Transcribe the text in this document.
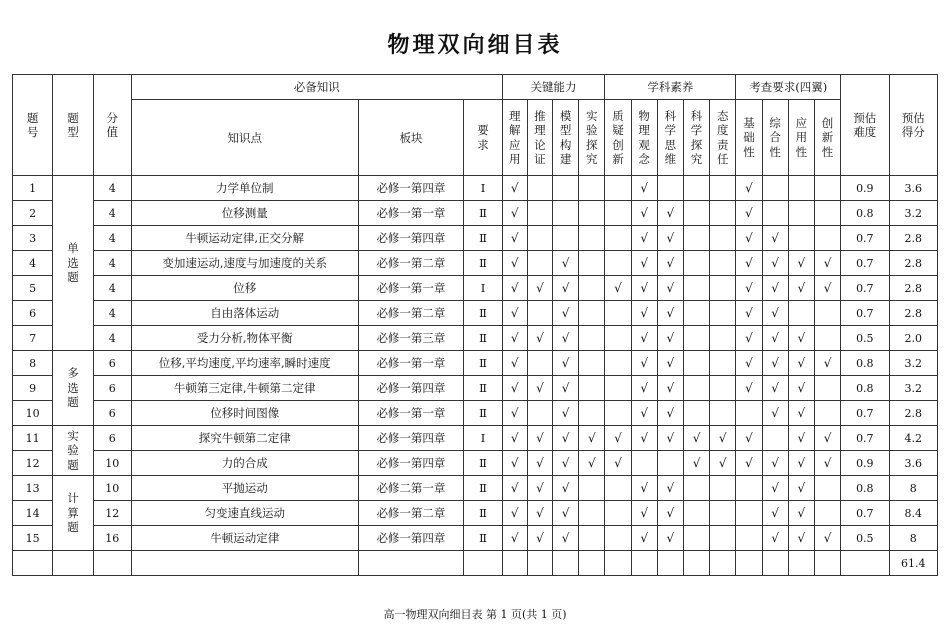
物理双向细目表
题号	题型	分值	必备知识			关键能力				学科素养					考查要求(四翼)				预估难度	预估得分
			知识点	板块	要求	理解应用	推理论证	模型构建	实验探究	质疑创新	物理观念	科学思维	科学探究	态度责任	基础性	综合性	应用性	创新性		
1	单选题	4	力学单位制	必修一第四章	Ⅰ	√					√				√				0.9	3.6
2		4	位移测量	必修一第一章	Ⅱ	√					√	√			√				0.8	3.2
3		4	牛顿运动定律,正交分解	必修一第四章	Ⅱ	√					√	√			√	√			0.7	2.8
4		4	变加速运动,速度与加速度的关系	必修一第二章	Ⅱ	√		√			√	√			√	√	√	√	0.7	2.8
5		4	位移	必修一第一章	Ⅰ	√	√	√		√	√	√			√	√	√	√	0.7	2.8
6		4	自由落体运动	必修一第二章	Ⅱ	√		√			√	√			√	√			0.7	2.8
7		4	受力分析,物体平衡	必修一第三章	Ⅱ	√	√	√			√	√			√	√	√		0.5	2.0
8	多选题	6	位移,平均速度,平均速率,瞬时速度	必修一第一章	Ⅱ	√		√			√	√			√	√	√	√	0.8	3.2
9		6	牛顿第三定律,牛顿第二定律	必修一第四章	Ⅱ	√	√	√			√	√			√	√	√		0.8	3.2
10		6	位移时间图像	必修一第一章	Ⅱ	√		√			√	√				√	√		0.7	2.8
11	实验题	6	探究牛顿第二定律	必修一第四章	Ⅰ	√	√	√	√	√	√	√	√	√	√		√	√	0.7	4.2
12		10	力的合成	必修一第四章	Ⅱ	√	√	√	√	√			√	√	√	√	√	√	0.9	3.6
13	计算题	10	平抛运动	必修二第一章	Ⅱ	√	√	√			√	√				√	√		0.8	8
14		12	匀变速直线运动	必修一第二章	Ⅱ	√	√	√			√	√				√	√		0.7	8.4
15		16	牛顿运动定律	必修一第四章	Ⅱ	√	√	√			√	√				√	√	√	0.5	8
																				61.4
高一物理双向细目表 第 1 页(共 1 页)
